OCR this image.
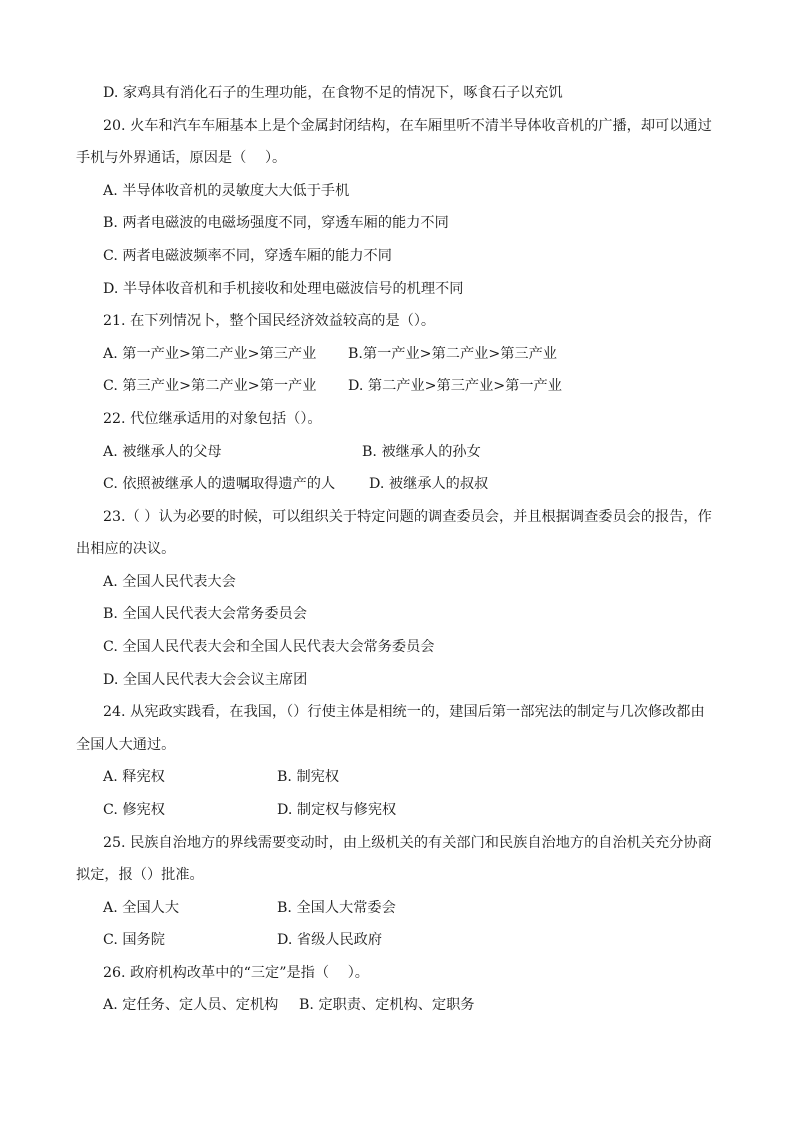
D. 家鸡具有消化石子的生理功能，在食物不足的情况下，啄食石子以充饥
20. 火车和汽车车厢基本上是个金属封闭结构，在车厢里听不清半导体收音机的广播，却可以通过
手机与外界通话，原因是（　 ）。
A. 半导体收音机的灵敏度大大低于手机
B. 两者电磁波的电磁场强度不同，穿透车厢的能力不同
C. 两者电磁波频率不同，穿透车厢的能力不同
D. 半导体收音机和手机接收和处理电磁波信号的机理不同
21. 在下列情况卜，整个国民经济效益较高的是（）。
A. 第一产业>第二产业>第三产业 B.第一产业>第二产业>第三产业
C. 第三产业>第二产业>第一产业 D. 第二产业>第三产业>第一产业
22. 代位继承适用的对象包括（）。
A. 被继承人的父母	B. 被继承人的孙女
C. 依照被继承人的遗嘱取得遗产的人 D. 被继承人的叔叔
23.（ ）认为必要的时候，可以组织关于特定问题的调查委员会，并且根据调查委员会的报告，作
出相应的决议。
A. 全国人民代表大会
B. 全国人民代表大会常务委员会
C. 全国人民代表大会和全国人民代表大会常务委员会
D. 全国人民代表大会会议主席团
24. 从宪政实践看，在我国，（）行使主体是相统一的，建国后第一部宪法的制定与几次修改都由
全国人大通过。
A. 释宪权	B. 制宪权
C. 修宪权	D. 制定权与修宪权
25. 民族自治地方的界线需要变动时，由上级机关的有关部门和民族自治地方的自治机关充分协商
拟定，报（）批准。
A. 全国人大	B. 全国人大常委会
C. 国务院	D. 省级人民政府
26. 政府机构改革中的“三定”是指（　 ）。
A. 定任务、定人员、定机构 B. 定职责、定机构、定职务
